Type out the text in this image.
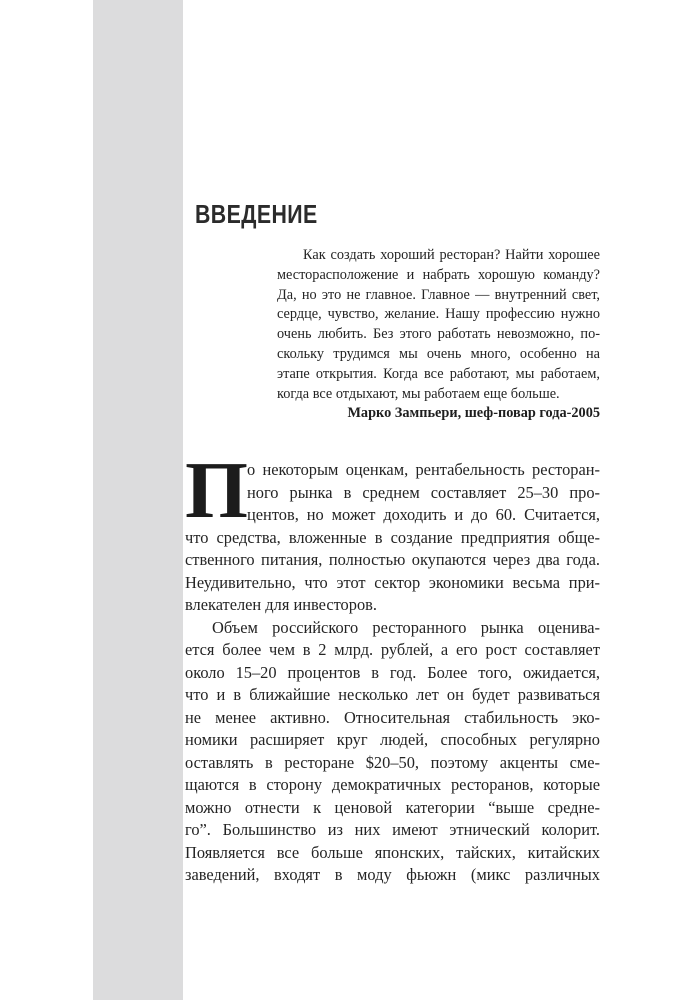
ВВЕДЕНИЕ
Как создать хороший ресторан? Найти хорошее
месторасположение и набрать хорошую команду?
Да, но это не главное. Главное — внутренний свет,
сердце, чувство, желание. Нашу профессию нужно
очень любить. Без этого работать невозможно, по-
скольку трудимся мы очень много, особенно на
этапе открытия. Когда все работают, мы работаем,
когда все отдыхают, мы работаем еще больше.
Марко Зампьери, шеф-повар года-2005
П
о некоторым оценкам, рентабельность ресторан-
ного рынка в среднем составляет 25–30 про-
центов, но может доходить и до 60. Считается,
что средства, вложенные в создание предприятия обще-
ственного питания, полностью окупаются через два года.
Неудивительно, что этот сектор экономики весьма при-
влекателен для инвесторов.
Объем российского ресторанного рынка оценива-
ется более чем в 2 млрд. рублей, а его рост составляет
около 15–20 процентов в год. Более того, ожидается,
что и в ближайшие несколько лет он будет развиваться
не менее активно. Относительная стабильность эко-
номики расширяет круг людей, способных регулярно
оставлять в ресторане $20–50, поэтому акценты сме-
щаются в сторону демократичных ресторанов, которые
можно отнести к ценовой категории “выше средне-
го”. Большинство из них имеют этнический колорит.
Появляется все больше японских, тайских, китайских
заведений, входят в моду фьюжн (микс различных
